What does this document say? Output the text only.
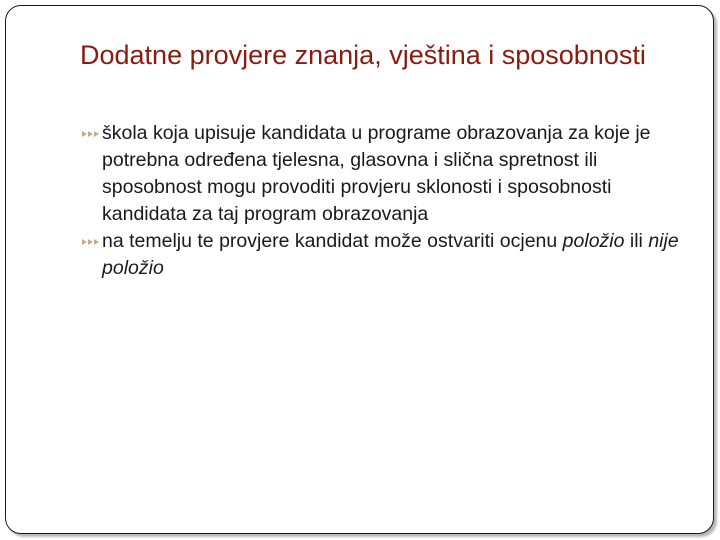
Dodatne provjere znanja, vještina i sposobnosti
škola koja upisuje kandidata u programe obrazovanja za koje je potrebna određena tjelesna, glasovna i slična spretnost ili sposobnost mogu provoditi provjeru sklonosti i sposobnosti kandidata za taj program obrazovanja
na temelju te provjere kandidat može ostvariti ocjenu položio ili nije položio
